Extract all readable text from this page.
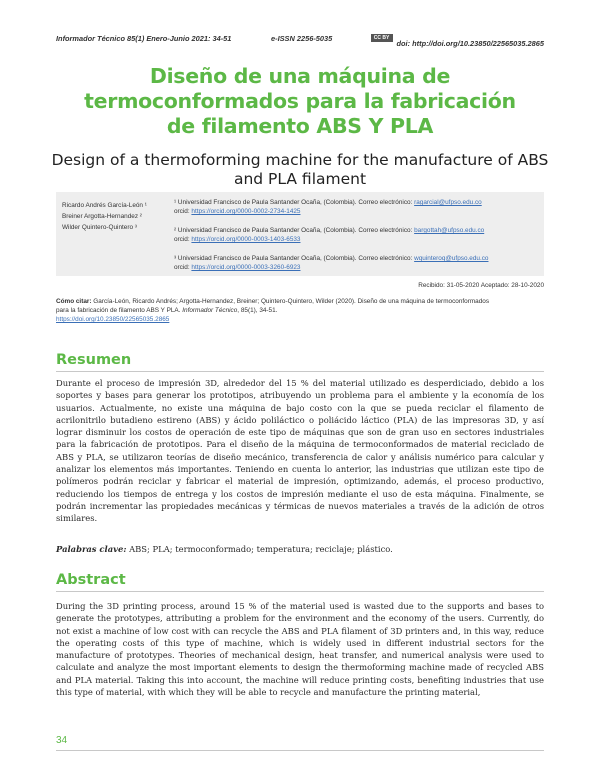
Informador Técnico 85(1) Enero-Junio 2021: 34-51	e-ISSN 2256-5035	CC BY NC doi: http://doi.org/10.23850/22565035.2865
Diseño de una máquina de
termoconformados para la fabricación
de filamento ABS Y PLA
Design of a thermoforming machine for the manufacture of ABS
and PLA filament
Ricardo Andrés García-León ¹
Breiner Argotta-Hernandez ²
Wilder Quintero-Quintero ³
¹ Universidad Francisco de Paula Santander Ocaña, (Colombia). Correo electrónico: ragarcial@ufpso.edu.co
orcid: https://orcid.org/0000-0002-2734-1425
² Universidad Francisco de Paula Santander Ocaña, (Colombia). Correo electrónico: bargottah@ufpso.edu.co
orcid: https://orcid.org/0000-0003-1403-6533
³ Universidad Francisco de Paula Santander Ocaña, (Colombia). Correo electrónico: wquinteroq@ufpso.edu.co
orcid: https://orcid.org/0000-0003-3260-6923
Recibido: 31-05-2020 Aceptado: 28-10-2020
Cómo citar: García-León, Ricardo Andrés; Argotta-Hernandez, Breiner; Quintero-Quintero, Wilder (2020). Diseño de una máquina de termoconformados
para la fabricación de filamento ABS Y PLA. Informador Técnico, 85(1), 34-51.
https://doi.org/10.23850/22565035.2865
Resumen
Durante el proceso de impresión 3D, alrededor del 15 % del material utilizado es desperdiciado, debido a los soportes y bases para generar los prototipos, atribuyendo un problema para el ambiente y la economía de los usuarios. Actualmente, no existe una máquina de bajo costo con la que se pueda reciclar el filamento de acrilonitrilo butadieno estireno (ABS) y ácido poliláctico o poliácido láctico (PLA) de las impresoras 3D, y así lograr disminuir los costos de operación de este tipo de máquinas que son de gran uso en sectores industriales para la fabricación de prototipos. Para el diseño de la máquina de termoconformados de material reciclado de ABS y PLA, se utilizaron teorías de diseño mecánico, transferencia de calor y análisis numérico para calcular y analizar los elementos más importantes. Teniendo en cuenta lo anterior, las industrias que utilizan este tipo de polímeros podrán reciclar y fabricar el material de impresión, optimizando, además, el proceso productivo, reduciendo los tiempos de entrega y los costos de impresión mediante el uso de esta máquina. Finalmente, se podrán incrementar las propiedades mecánicas y térmicas de nuevos materiales a través de la adición de otros similares.
Palabras clave: ABS; PLA; termoconformado; temperatura; reciclaje; plástico.
Abstract
During the 3D printing process, around 15 % of the material used is wasted due to the supports and bases to generate the prototypes, attributing a problem for the environment and the economy of the users. Currently, do not exist a machine of low cost with can recycle the ABS and PLA filament of 3D printers and, in this way, reduce the operating costs of this type of machine, which is widely used in different industrial sectors for the manufacture of prototypes. Theories of mechanical design, heat transfer, and numerical analysis were used to calculate and analyze the most important elements to design the thermoforming machine made of recycled ABS and PLA material. Taking this into account, the machine will reduce printing costs, benefiting industries that use this type of material, with which they will be able to recycle and manufacture the printing material,
34
